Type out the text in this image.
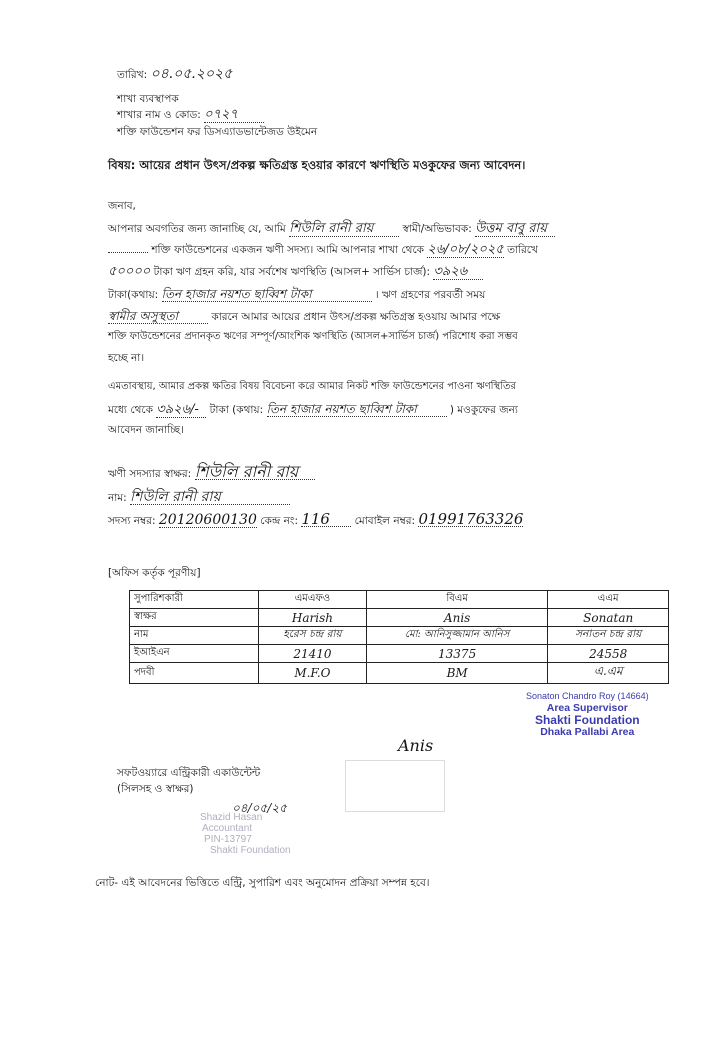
তারিখ: ০৪.০৫.২০২৫
শাখা ব্যবস্থাপক
শাখার নাম ও কোড: ০৭২৭
শক্তি ফাউন্ডেশন ফর ডিসএ্যাডভান্টেজড উইমেন
বিষয়: আয়ের প্রধান উৎস/প্রকল্প ক্ষতিগ্রস্ত হওয়ার কারণে ঋণস্থিতি মওকুফের জন্য আবেদন।
জনাব,
আপনার অবগতির জন্য জানাচ্ছি যে, আমি শিউলি রানী রায়	স্বামী/অভিভাবক: উত্তম বাবু রায়
শক্তি ফাউন্ডেশনের একজন ঋণী সদস্য। আমি আপনার শাখা থেকে ২৬/০৮/২০২৫ তারিখে
৫০০০০ টাকা ঋণ গ্রহন করি, যার সর্বশেষ ঋণস্থিতি (আসল+ সার্ভিস চার্জ): ৩৯২৬
টাকা(কথায়: তিন হাজার নয়শত ছাব্বিশ টাকা	। ঋণ গ্রহণের পরবর্তী সময়
স্বামীর অসুস্থতা	কারনে আমার আয়ের প্রধান উৎস/প্রকল্প ক্ষতিগ্রস্ত হওয়ায় আমার পক্ষে
শক্তি ফাউন্ডেশনের প্রদানকৃত ঋণের সম্পূর্ণ/আংশিক ঋণস্থিতি (আসল+সার্ভিস চার্জ) পরিশোধ করা সম্ভব
হচ্ছে না।
এমতাবস্থায়, আমার প্রকল্প ক্ষতির বিষয় বিবেচনা করে আমার নিকট শক্তি ফাউন্ডেশনের পাওনা ঋণস্থিতির
মধ্যে থেকে ৩৯২৬/- টাকা (কথায়: তিন হাজার নয়শত ছাব্বিশ টাকা	) মওকুফের জন্য
আবেদন জানাচ্ছি।
ঋণী সদস্যার স্বাক্ষর: শিউলি রানী রায়
নাম: শিউলি রানী রায়
সদস্য নম্বর: 20120600130 কেন্দ্র নং: 116 মোবাইল নম্বর: 01991763326
[অফিস কর্তৃক পূরণীয়]
সুপারিশকারী	এমএফও	বিএম	এএম
স্বাক্ষর	Harish	Anis	Sonatan
নাম	হরেস চন্দ্র রায়	মো: আনিসুজ্জামান আনিস	সনাতন চন্দ্র রায়
ইআইএন	21410	13375	24558
পদবী	M.F.O	BM	এ.এম
Sonaton Chandro Roy (14664)
Area Supervisor
Shakti Foundation
Dhaka Pallabi Area
Anis
সফটওয়্যারে এন্ট্রিকারী একাউন্টেন্ট
(সিলসহ ও স্বাক্ষর)
০৪/০৫/২৫
Shazid Hasan
Accountant
PIN-13797
Shakti Foundation
নোট- এই আবেদনের ভিত্তিতে এন্ট্রি, সুপারিশ এবং অনুমোদন প্রক্রিয়া সম্পন্ন হবে।
